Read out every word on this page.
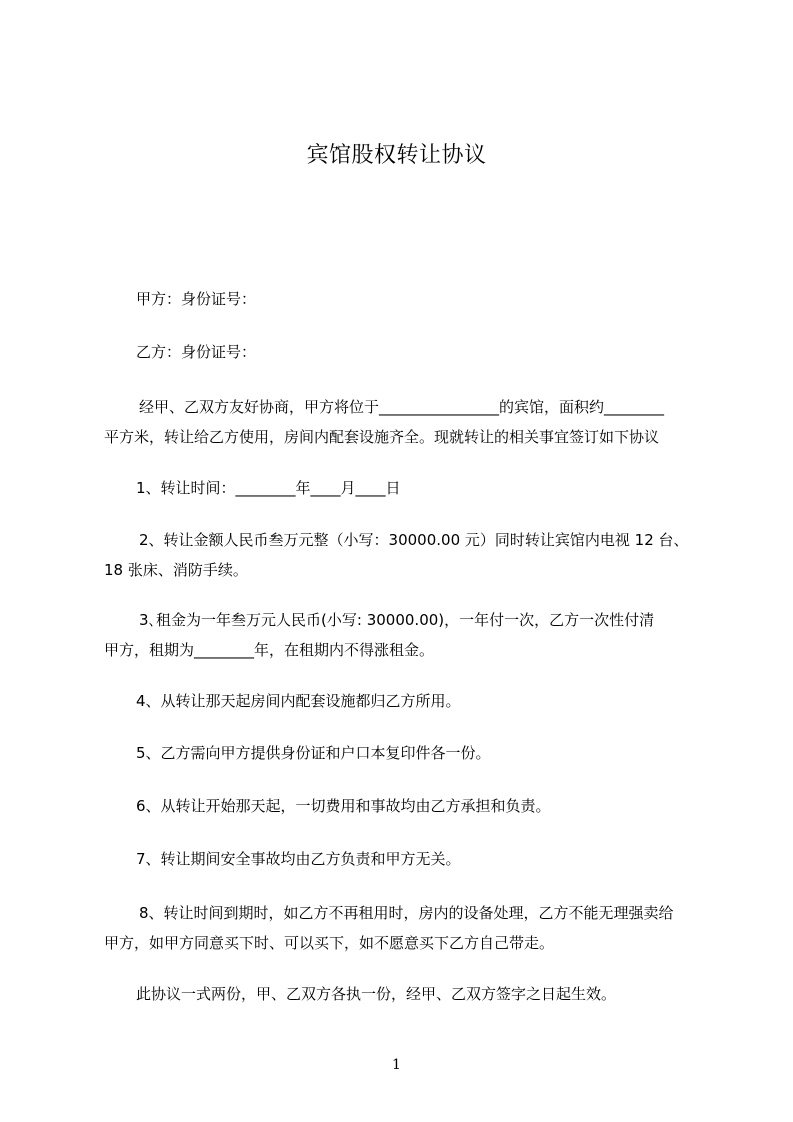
宾馆股权转让协议
甲方：身份证号：
乙方：身份证号：
经甲、乙双方友好协商，甲方将位于________________的宾馆，面积约________
平方米，转让给乙方使用，房间内配套设施齐全。现就转让的相关事宜签订如下协议
1、转让时间：________年____月____日
2、转让金额人民币叁万元整（小写：30000.00 元）同时转让宾馆内电视 12 台、
18 张床、消防手续。
3､租金为一年叁万元人民币(小写: 30000.00)，一年付一次，乙方一次性付清
甲方，租期为________年，在租期内不得涨租金。
4、从转让那天起房间内配套设施都归乙方所用。
5、乙方需向甲方提供身份证和户口本复印件各一份。
6、从转让开始那天起，一切费用和事故均由乙方承担和负责。
7、转让期间安全事故均由乙方负责和甲方无关。
8、转让时间到期时，如乙方不再租用时，房内的设备处理，乙方不能无理强卖给
甲方，如甲方同意买下时、可以买下，如不愿意买下乙方自己带走。
此协议一式两份，甲、乙双方各执一份，经甲、乙双方签字之日起生效。
1
